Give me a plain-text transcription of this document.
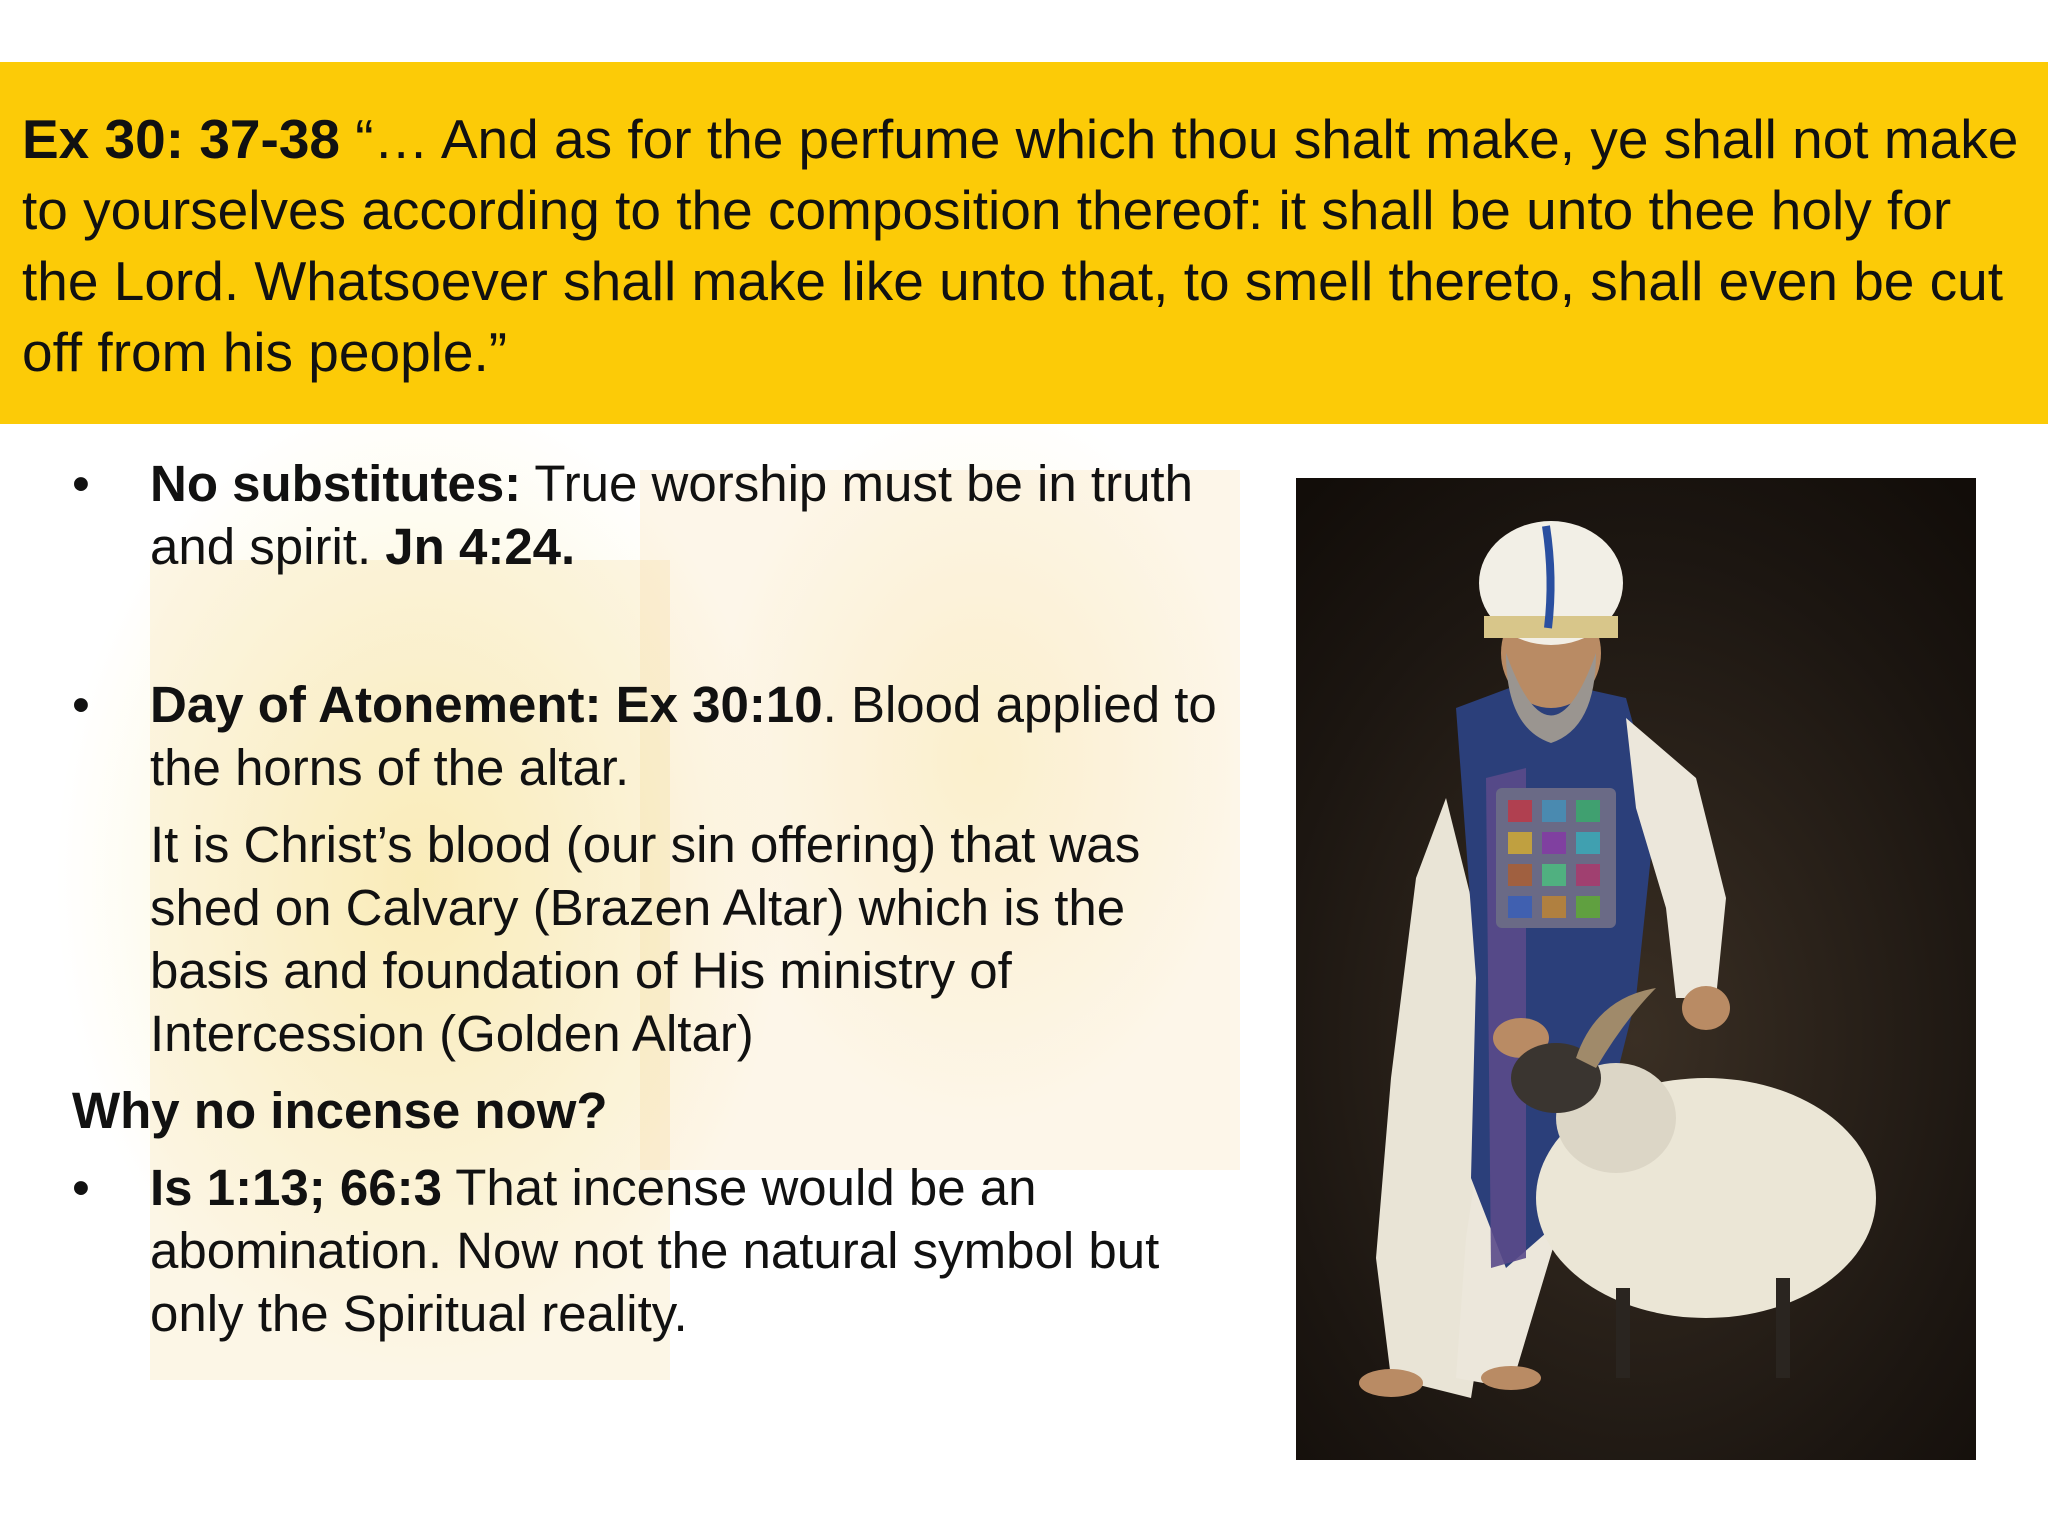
Ex 30: 37-38 “… And as for the perfume which thou shalt make, ye shall not make to yourselves according to the composition thereof: it shall be unto thee holy for the Lord. Whatsoever shall make like unto that, to smell thereto, shall even be cut off from his people.”
• No substitutes: True worship must be in truth and spirit. Jn 4:24.
• Day of Atonement: Ex 30:10. Blood applied to the horns of the altar.
It is Christ’s blood (our sin offering) that was shed on Calvary (Brazen Altar) which is the basis and foundation of His ministry of Intercession (Golden Altar)
Why no incense now?
• Is 1:13; 66:3 That incense would be an abomination. Now not the natural symbol but only the Spiritual reality.
